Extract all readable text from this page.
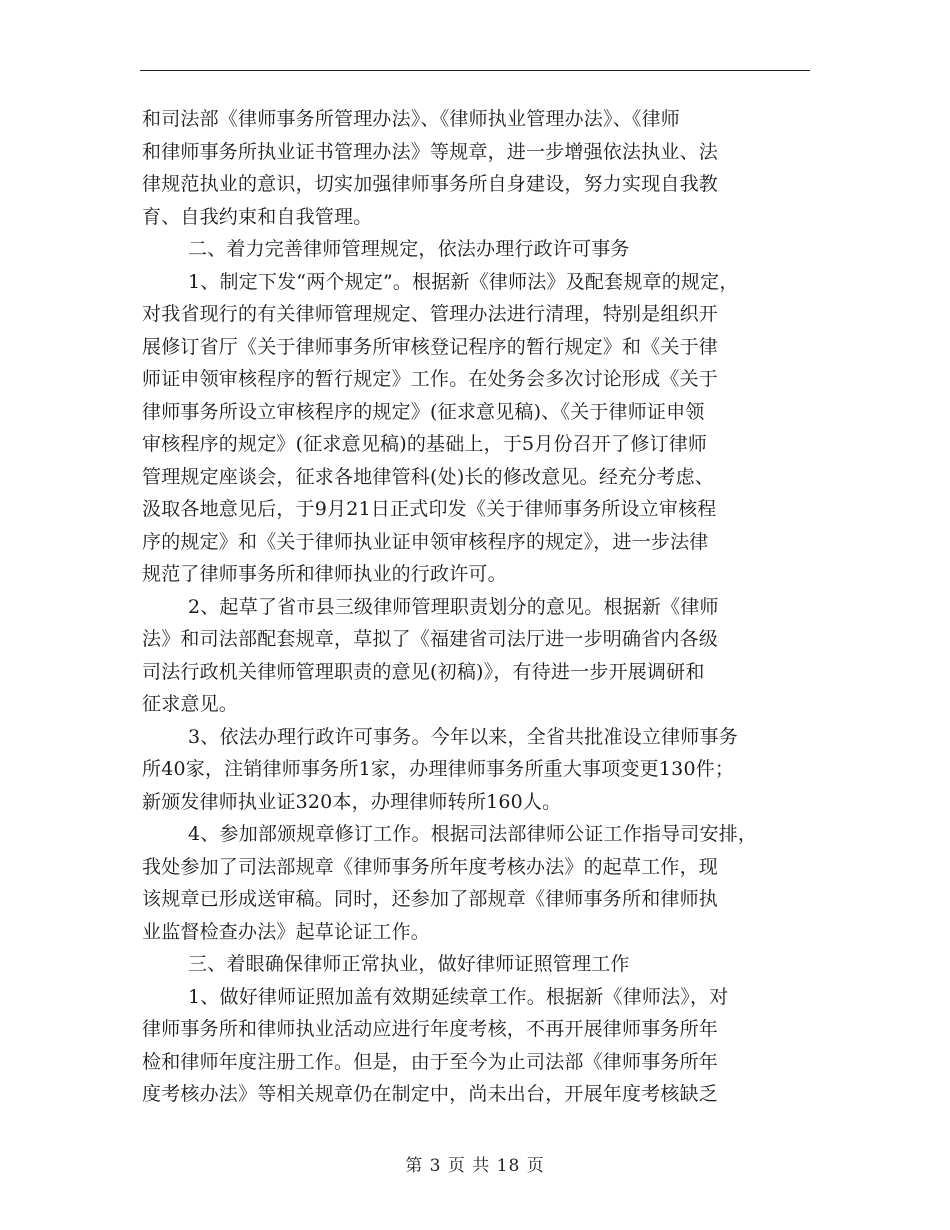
和司法部《律师事务所管理办法》、《律师执业管理办法》、《律师
和律师事务所执业证书管理办法》等规章，进一步增强依法执业、法
律规范执业的意识，切实加强律师事务所自身建设，努力实现自我教
育、自我约束和自我管理。
二、着力完善律师管理规定，依法办理行政许可事务
1、制定下发“两个规定”。根据新《律师法》及配套规章的规定，
对我省现行的有关律师管理规定、管理办法进行清理，特别是组织开
展修订省厅《关于律师事务所审核登记程序的暂行规定》和《关于律
师证申领审核程序的暂行规定》工作。在处务会多次讨论形成《关于
律师事务所设立审核程序的规定》(征求意见稿)、《关于律师证申领
审核程序的规定》(征求意见稿)的基础上，于5月份召开了修订律师
管理规定座谈会，征求各地律管科(处)长的修改意见。经充分考虑、
汲取各地意见后，于9月21日正式印发《关于律师事务所设立审核程
序的规定》和《关于律师执业证申领审核程序的规定》，进一步法律
规范了律师事务所和律师执业的行政许可。
2、起草了省市县三级律师管理职责划分的意见。根据新《律师
法》和司法部配套规章，草拟了《福建省司法厅进一步明确省内各级
司法行政机关律师管理职责的意见(初稿)》，有待进一步开展调研和
征求意见。
3、依法办理行政许可事务。今年以来，全省共批准设立律师事务
所40家，注销律师事务所1家，办理律师事务所重大事项变更130件；
新颁发律师执业证320本，办理律师转所160人。
4、参加部颁规章修订工作。根据司法部律师公证工作指导司安排，
我处参加了司法部规章《律师事务所年度考核办法》的起草工作，现
该规章已形成送审稿。同时，还参加了部规章《律师事务所和律师执
业监督检查办法》起草论证工作。
三、着眼确保律师正常执业，做好律师证照管理工作
1、做好律师证照加盖有效期延续章工作。根据新《律师法》，对
律师事务所和律师执业活动应进行年度考核，不再开展律师事务所年
检和律师年度注册工作。但是，由于至今为止司法部《律师事务所年
度考核办法》等相关规章仍在制定中，尚未出台，开展年度考核缺乏
第 3 页 共 18 页
